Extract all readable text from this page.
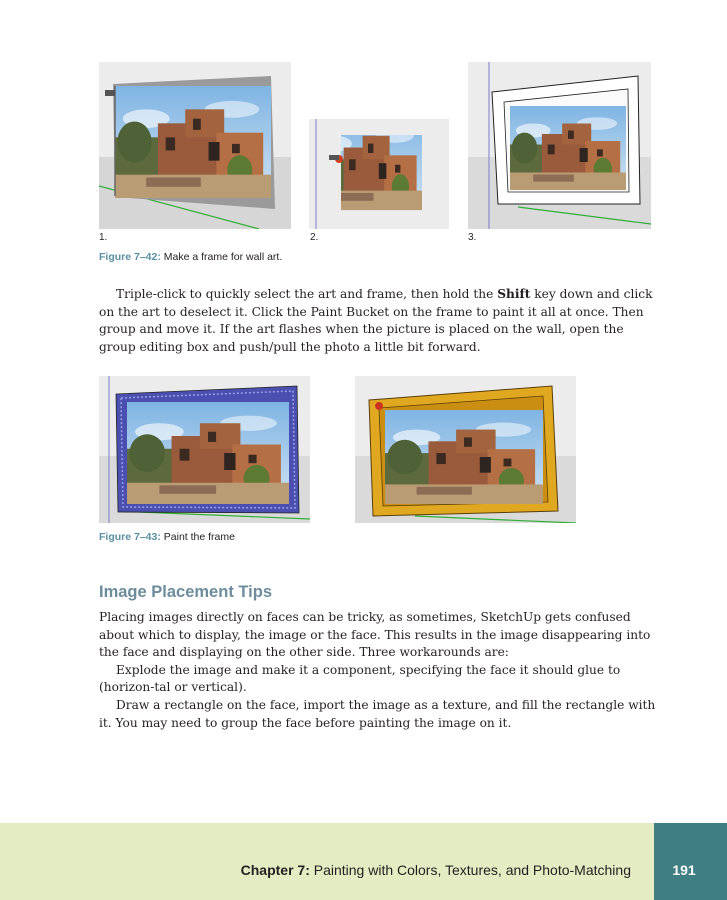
1.	2.	3.
Figure 7–42: Make a frame for wall art.

Triple-click to quickly select the art and frame, then hold the Shift key down and click on the art to deselect it. Click the Paint Bucket on the frame to paint it all at once. Then group and move it. If the art flashes when the picture is placed on the wall, open the group editing box and push/pull the photo a little bit forward.

Figure 7–43: Paint the frame
Image Placement Tips

Placing images directly on faces can be tricky, as sometimes, SketchUp gets confused about which to display, the image or the face. This results in the image disappearing into the face and displaying on the other side. Three workarounds are:

Explode the image and make it a component, specifying the face it should glue to (horizon-tal or vertical).

Draw a rectangle on the face, import the image as a texture, and fill the rectangle with it. You may need to group the face before painting the image on it.

Chapter 7: Painting with Colors, Textures, and Photo-Matching	191
